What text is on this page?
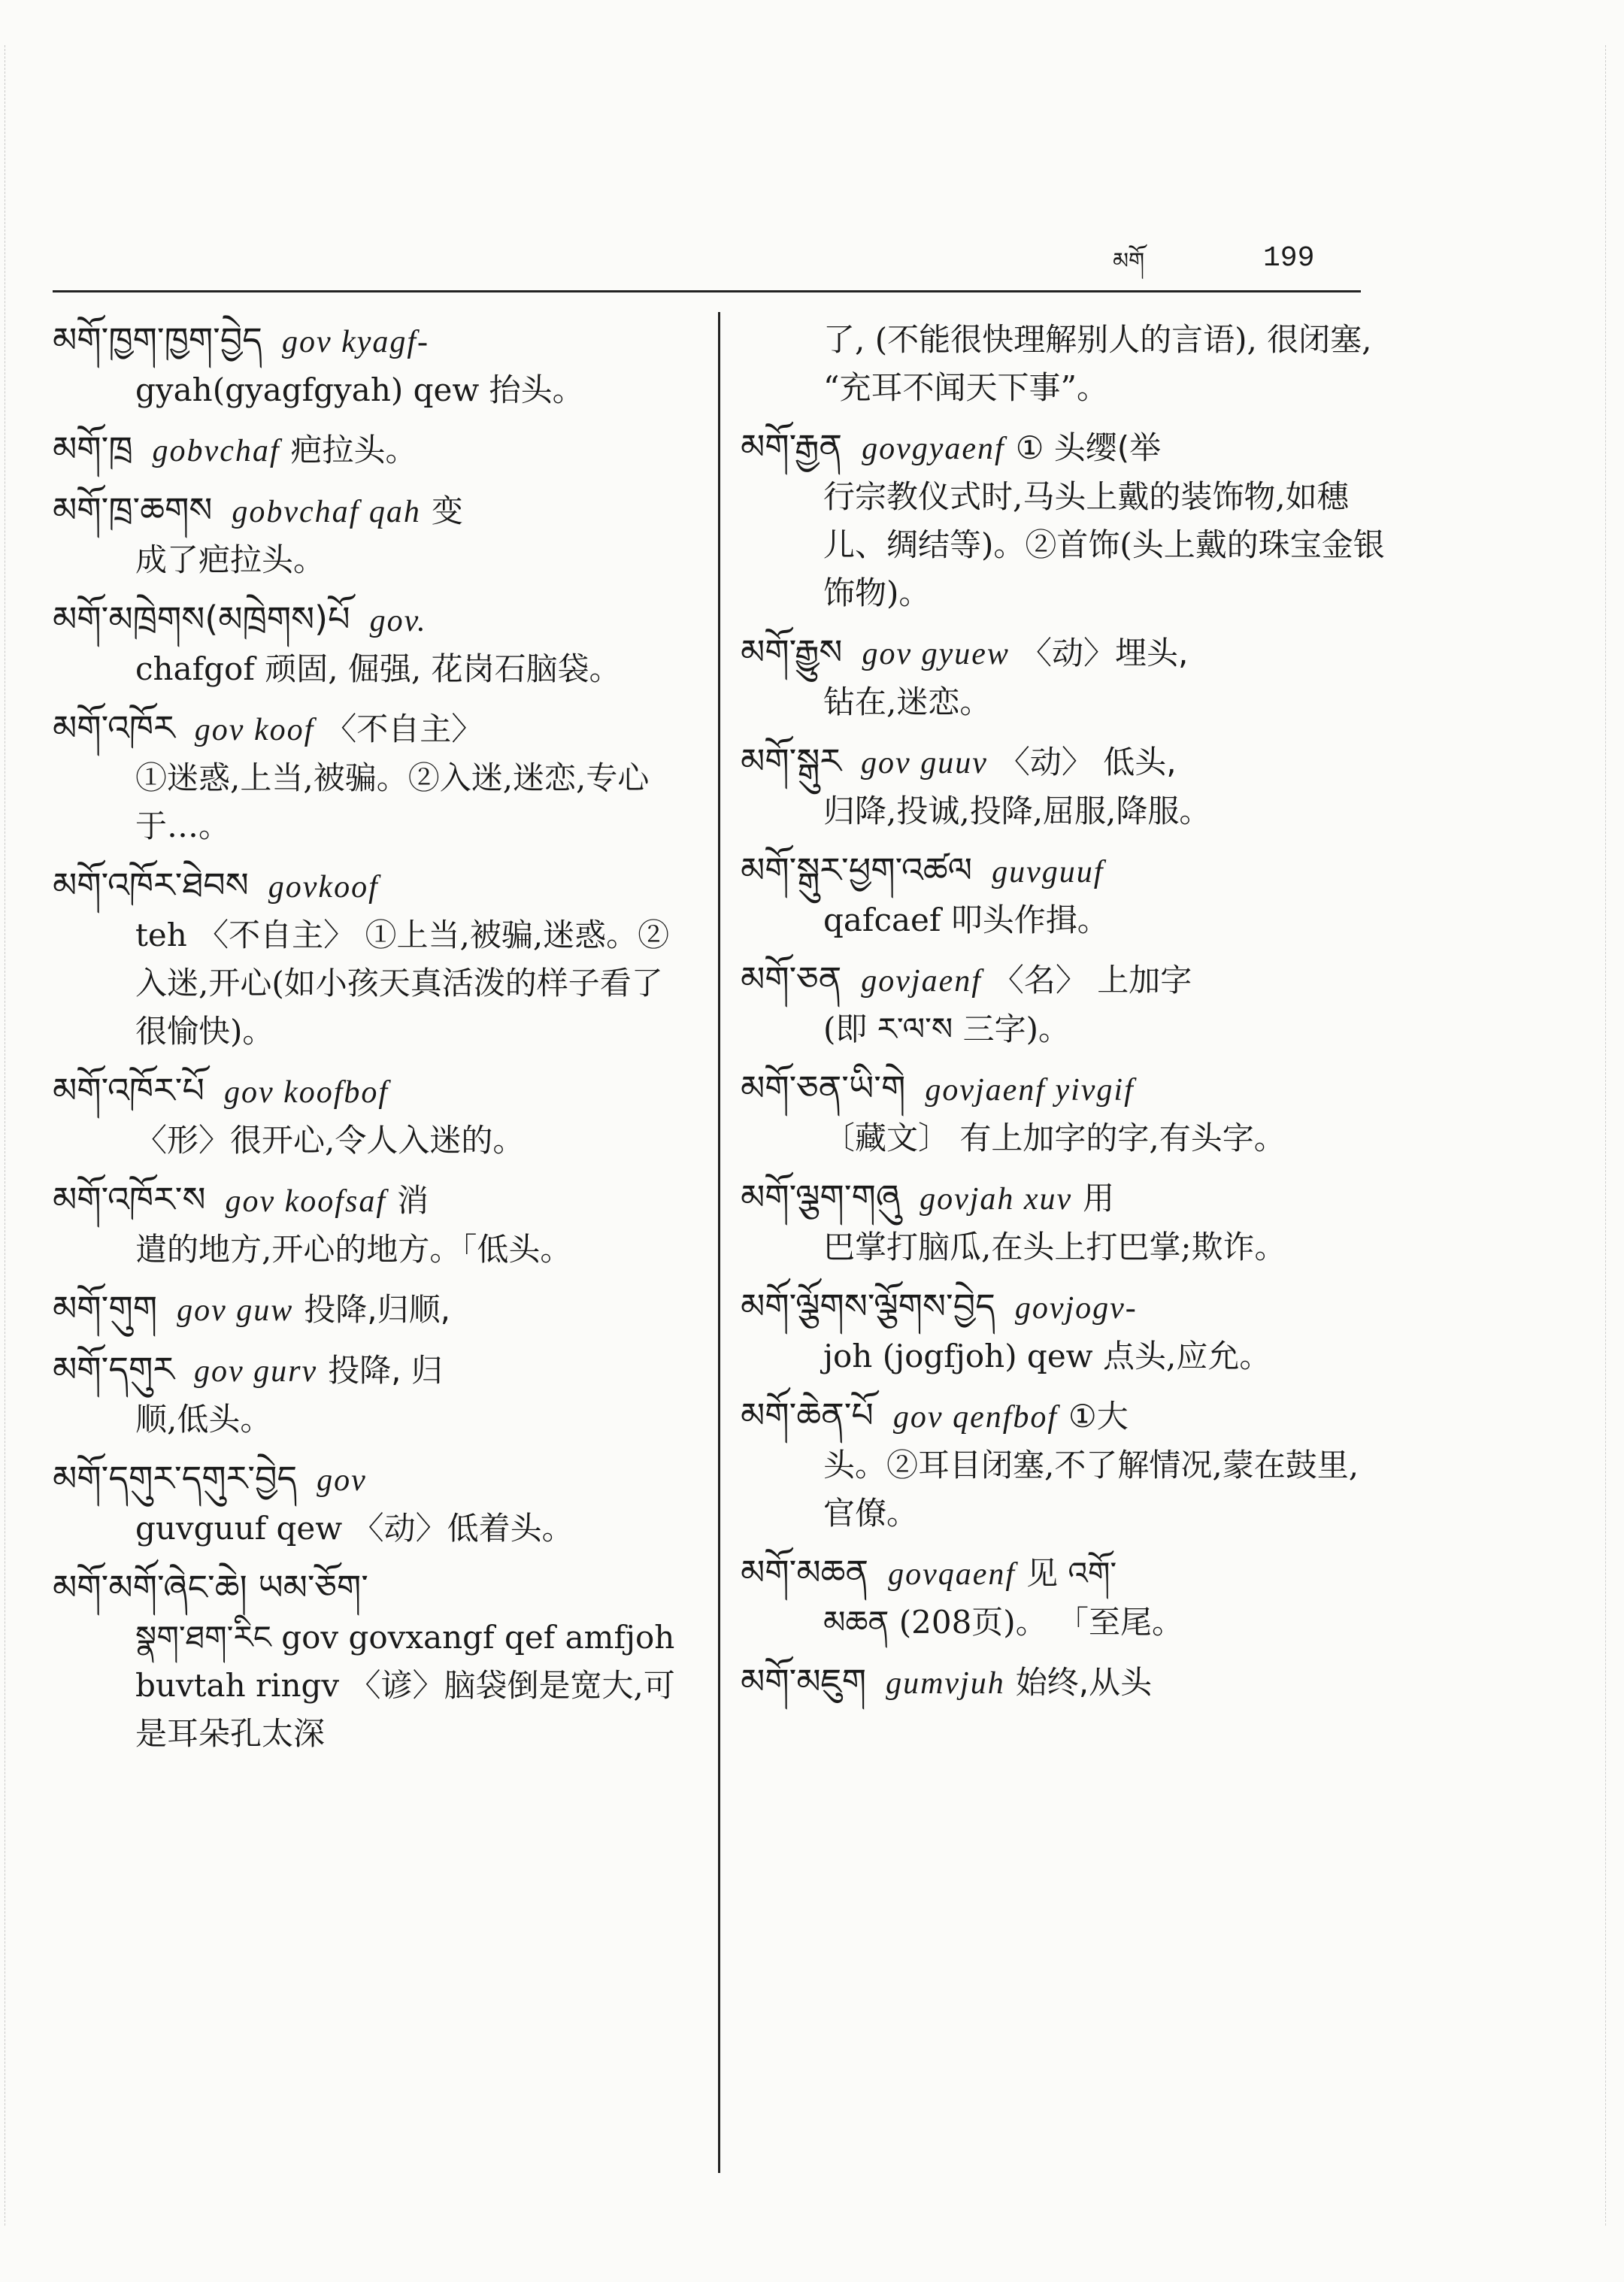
མགོ	199
མགོ་ཁྱག་ཁྱག་བྱེད gov kyagf-
gyah(gyagfgyah) qew 抬头。
མགོ་ཁྲ gobvchaf 疤拉头。
མགོ་ཁྲ་ཆགས gobvchaf qah 变
成了疤拉头。
མགོ་མཁྲེགས(མཁྲེགས)པོ gov.
chafgof 顽固, 倔强, 花岗石脑袋。
མགོ་འཁོར gov koof 〈不自主〉
①迷惑,上当,被骗。②入迷,迷恋,专心于…。
མགོ་འཁོར་ཐེབས govkoof
teh 〈不自主〉 ①上当,被骗,迷惑。②入迷,开心(如小孩天真活泼的样子看了很愉快)。
མགོ་འཁོར་པོ gov koofbof
〈形〉很开心,令人入迷的。
མགོ་འཁོར་ས gov koofsaf 消
遣的地方,开心的地方。「低头。
མགོ་གུག gov guw 投降,归顺,
མགོ་དགུར gov gurv 投降, 归
顺,低头。
མགོ་དགུར་དགུར་བྱེད gov
guvguuf qew 〈动〉低着头。
མགོ་མགོ་ཞེང་ཆེ། ཡམ་ཅོག་
སྣག་ཐག་རིང gov govxangf qef amfjoh buvtah ringv 〈谚〉脑袋倒是宽大,可是耳朵孔太深
了, (不能很快理解别人的言语), 很闭塞, “充耳不闻天下事”。
མགོ་རྒྱན govgyaenf ① 头缨(举
行宗教仪式时,马头上戴的装饰物,如穗儿、绸结等)。②首饰(头上戴的珠宝金银饰物)。
མགོ་རྒྱུས gov gyuew 〈动〉埋头,
钻在,迷恋。
མགོ་སྒུར gov guuv 〈动〉 低头,
归降,投诚,投降,屈服,降服。
མགོ་སྒུར་ཕྱག་འཚལ guvguuf
qafcaef 叩头作揖。
མགོ་ཅན govjaenf 〈名〉 上加字
(即 ར་ལ་ས 三字)。
མགོ་ཅན་ཡི་གེ govjaenf yivgif
〔藏文〕 有上加字的字,有头字。
མགོ་ལྕག་གཞུ govjah xuv 用
巴掌打脑瓜,在头上打巴掌;欺诈。
མགོ་ལྕོགས་ལྕོགས་བྱེད govjogv-
joh (jogfjoh) qew 点头,应允。
མགོ་ཆེན་པོ gov qenfbof ①大
头。②耳目闭塞,不了解情况,蒙在鼓里,官僚。
མགོ་མཆན govqaenf 见 འགོ་
མཆན (208页)。 「至尾。
མགོ་མཇུག gumvjuh 始终,从头
